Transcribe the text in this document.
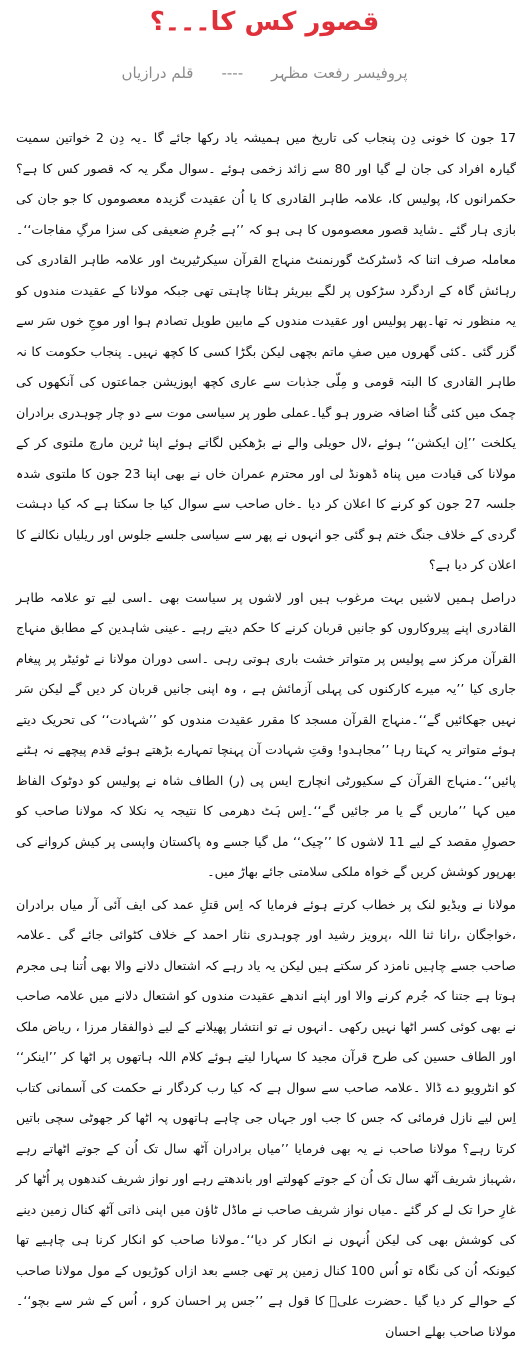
قصور کس کا۔۔۔؟
پروفیسر رفعت مظہر----قلم درازیاں

17 جون کا خونی دِن پنجاب کی تاریخ میں ہمیشہ یاد رکھا جائے گا ۔یہ دِن 2 خواتین سمیت گیارہ افراد کی جان لے گیا اور 80 سے زائد زخمی ہوئے ۔سوال مگر یہ کہ قصور کس کا ہے؟ حکمرانوں کا، پولیس کا، علامہ طاہر القادری کا یا اُن عقیدت گزیدہ معصوموں کا جو جان کی بازی ہار گئے ۔شاید قصور معصوموں کا ہی ہو کہ ’’ہے جُرمِ ضعیفی کی سزا مرگِ مفاجات‘‘۔معاملہ صرف اتنا کہ ڈسٹرکٹ گورنمنٹ منہاج القرآن سیکرٹیریٹ اور علامہ طاہر القادری کی رہائش گاہ کے اردگرد سڑکوں پر لگے بیریئر ہٹانا چاہتی تھی جبکہ مولانا کے عقیدت مندوں کو یہ منظور نہ تھا۔پھر پولیس اور عقیدت مندوں کے مابین طویل تصادم ہوا اور موجِ خوں سَر سے گزر گئی ۔کئی گھروں میں صفِ ماتم بچھی لیکن بگڑا کسی کا کچھ نہیں۔ پنجاب حکومت کا نہ طاہر القادری کا البتہ قومی و مِلّی جذبات سے عاری کچھ اپوزیشن جماعتوں کی آنکھوں کی چمک میں کئی گُنا اضافہ ضرور ہو گیا۔عملی طور پر سیاسی موت سے دو چار چوہدری برادران یکلخت ’’اِن ایکشن‘‘ ہوئے ،لال حویلی والے نے بڑھکیں لگاتے ہوئے اپنا ٹرین مارچ ملتوی کر کے مولانا کی قیادت میں پناہ ڈھونڈ لی اور محترم عمران خاں نے بھی اپنا 23 جون کا ملتوی شدہ جلسہ 27 جون کو کرنے کا اعلان کر دیا ۔خاں صاحب سے سوال کیا جا سکتا ہے کہ کیا دہشت گردی کے خلاف جنگ ختم ہو گئی جو انہوں نے پھر سے سیاسی جلسے جلوس اور ریلیاں نکالنے کا اعلان کر دیا ہے؟

دراصل ہمیں لاشیں بہت مرغوب ہیں اور لاشوں پر سیاست بھی ۔اسی لیے تو علامہ طاہر القادری اپنے پیروکاروں کو جانیں قربان کرنے کا حکم دیتے رہے ۔عینی شاہدین کے مطابق منہاج القرآن مرکز سے پولیس پر متواتر خشت باری ہوتی رہی ۔اسی دوران مولانا نے ٹوئیٹر پر پیغام جاری کیا ’’یہ میرے کارکنوں کی پہلی آزمائش ہے ، وہ اپنی جانیں قربان کر دیں گے لیکن سَر نہیں جھکائیں گے‘‘۔منہاج القرآن مسجد کا مقرر عقیدت مندوں کو ’’شہادت‘‘ کی تحریک دیتے ہوئے متواتر یہ کہتا رہا ’’مجاہدو! وقتِ شہادت آن پہنچا تمہارے بڑھتے ہوئے قدم پیچھے نہ ہٹنے پائیں‘‘۔منہاج القرآن کے سکیورٹی انچارج ایس پی (ر) الطاف شاہ نے پولیس کو دوٹوک الفاظ میں کہا ’’ماریں گے یا مر جائیں گے‘‘۔اِس ہَٹ دھرمی کا نتیجہ یہ نکلا کہ مولانا صاحب کو حصولِ مقصد کے لیے 11 لاشوں کا ’’چیک‘‘ مل گیا جسے وہ پاکستان واپسی پر کیش کروانے کی بھرپور کوشش کریں گے خواہ ملکی سلامتی جائے بھاڑ میں۔

مولانا نے ویڈیو لنک پر خطاب کرتے ہوئے فرمایا کہ اِس قتلِ عمد کی ایف آئی آر میاں برادران ،خواجگان ،رانا ثنا اللہ ،پرویز رشید اور چوہدری نثار احمد کے خلاف کٹوائی جائے گی ۔علامہ صاحب جسے چاہیں نامزد کر سکتے ہیں لیکن یہ یاد رہے کہ اشتعال دلانے والا بھی اُتنا ہی مجرم ہوتا ہے جتنا کہ جُرم کرنے والا اور اپنے اندھے عقیدت مندوں کو اشتعال دلانے میں علامہ صاحب نے بھی کوئی کسر اٹھا نہیں رکھی ۔انہوں نے تو انتشار پھیلانے کے لیے ذوالفقار مرزا ، ریاض ملک اور الطاف حسین کی طرح قرآن مجید کا سہارا لیتے ہوئے کلام اللہ ہاتھوں پر اٹھا کر ’’اینکر‘‘ کو انٹرویو دے ڈالا ۔علامہ صاحب سے سوال ہے کہ کیا رب کردگار نے حکمت کی آسمانی کتاب اِس لیے نازل فرمائی کہ جس کا جب اور جہاں جی چاہے ہاتھوں پہ اٹھا کر جھوٹی سچی باتیں کرتا رہے؟ مولانا صاحب نے یہ بھی فرمایا ’’میاں برادران آٹھ سال تک اُن کے جوتے اٹھاتے رہے ،شہباز شریف آٹھ سال تک اُن کے جوتے کھولتے اور باندھتے رہے اور نواز شریف کندھوں پر اُٹھا کر غارِ حرا تک لے کر گئے ۔میاں نواز شریف صاحب نے ماڈل ٹاؤن میں اپنی ذاتی آٹھ کنال زمین دینے کی کوشش بھی کی لیکن اُنہوں نے انکار کر دیا‘‘۔مولانا صاحب کو انکار کرنا ہی چاہیے تھا کیونکہ اُن کی نگاہ تو اُس 100 کنال زمین پر تھی جسے بعد ازاں کوڑیوں کے مول مولانا صاحب کے حوالے کر دیا گیا ۔حضرت علیؓ کا قول ہے ’’جس پر احسان کرو ، اُس کے شر سے بچو‘‘۔مولانا صاحب بھلے احسان
